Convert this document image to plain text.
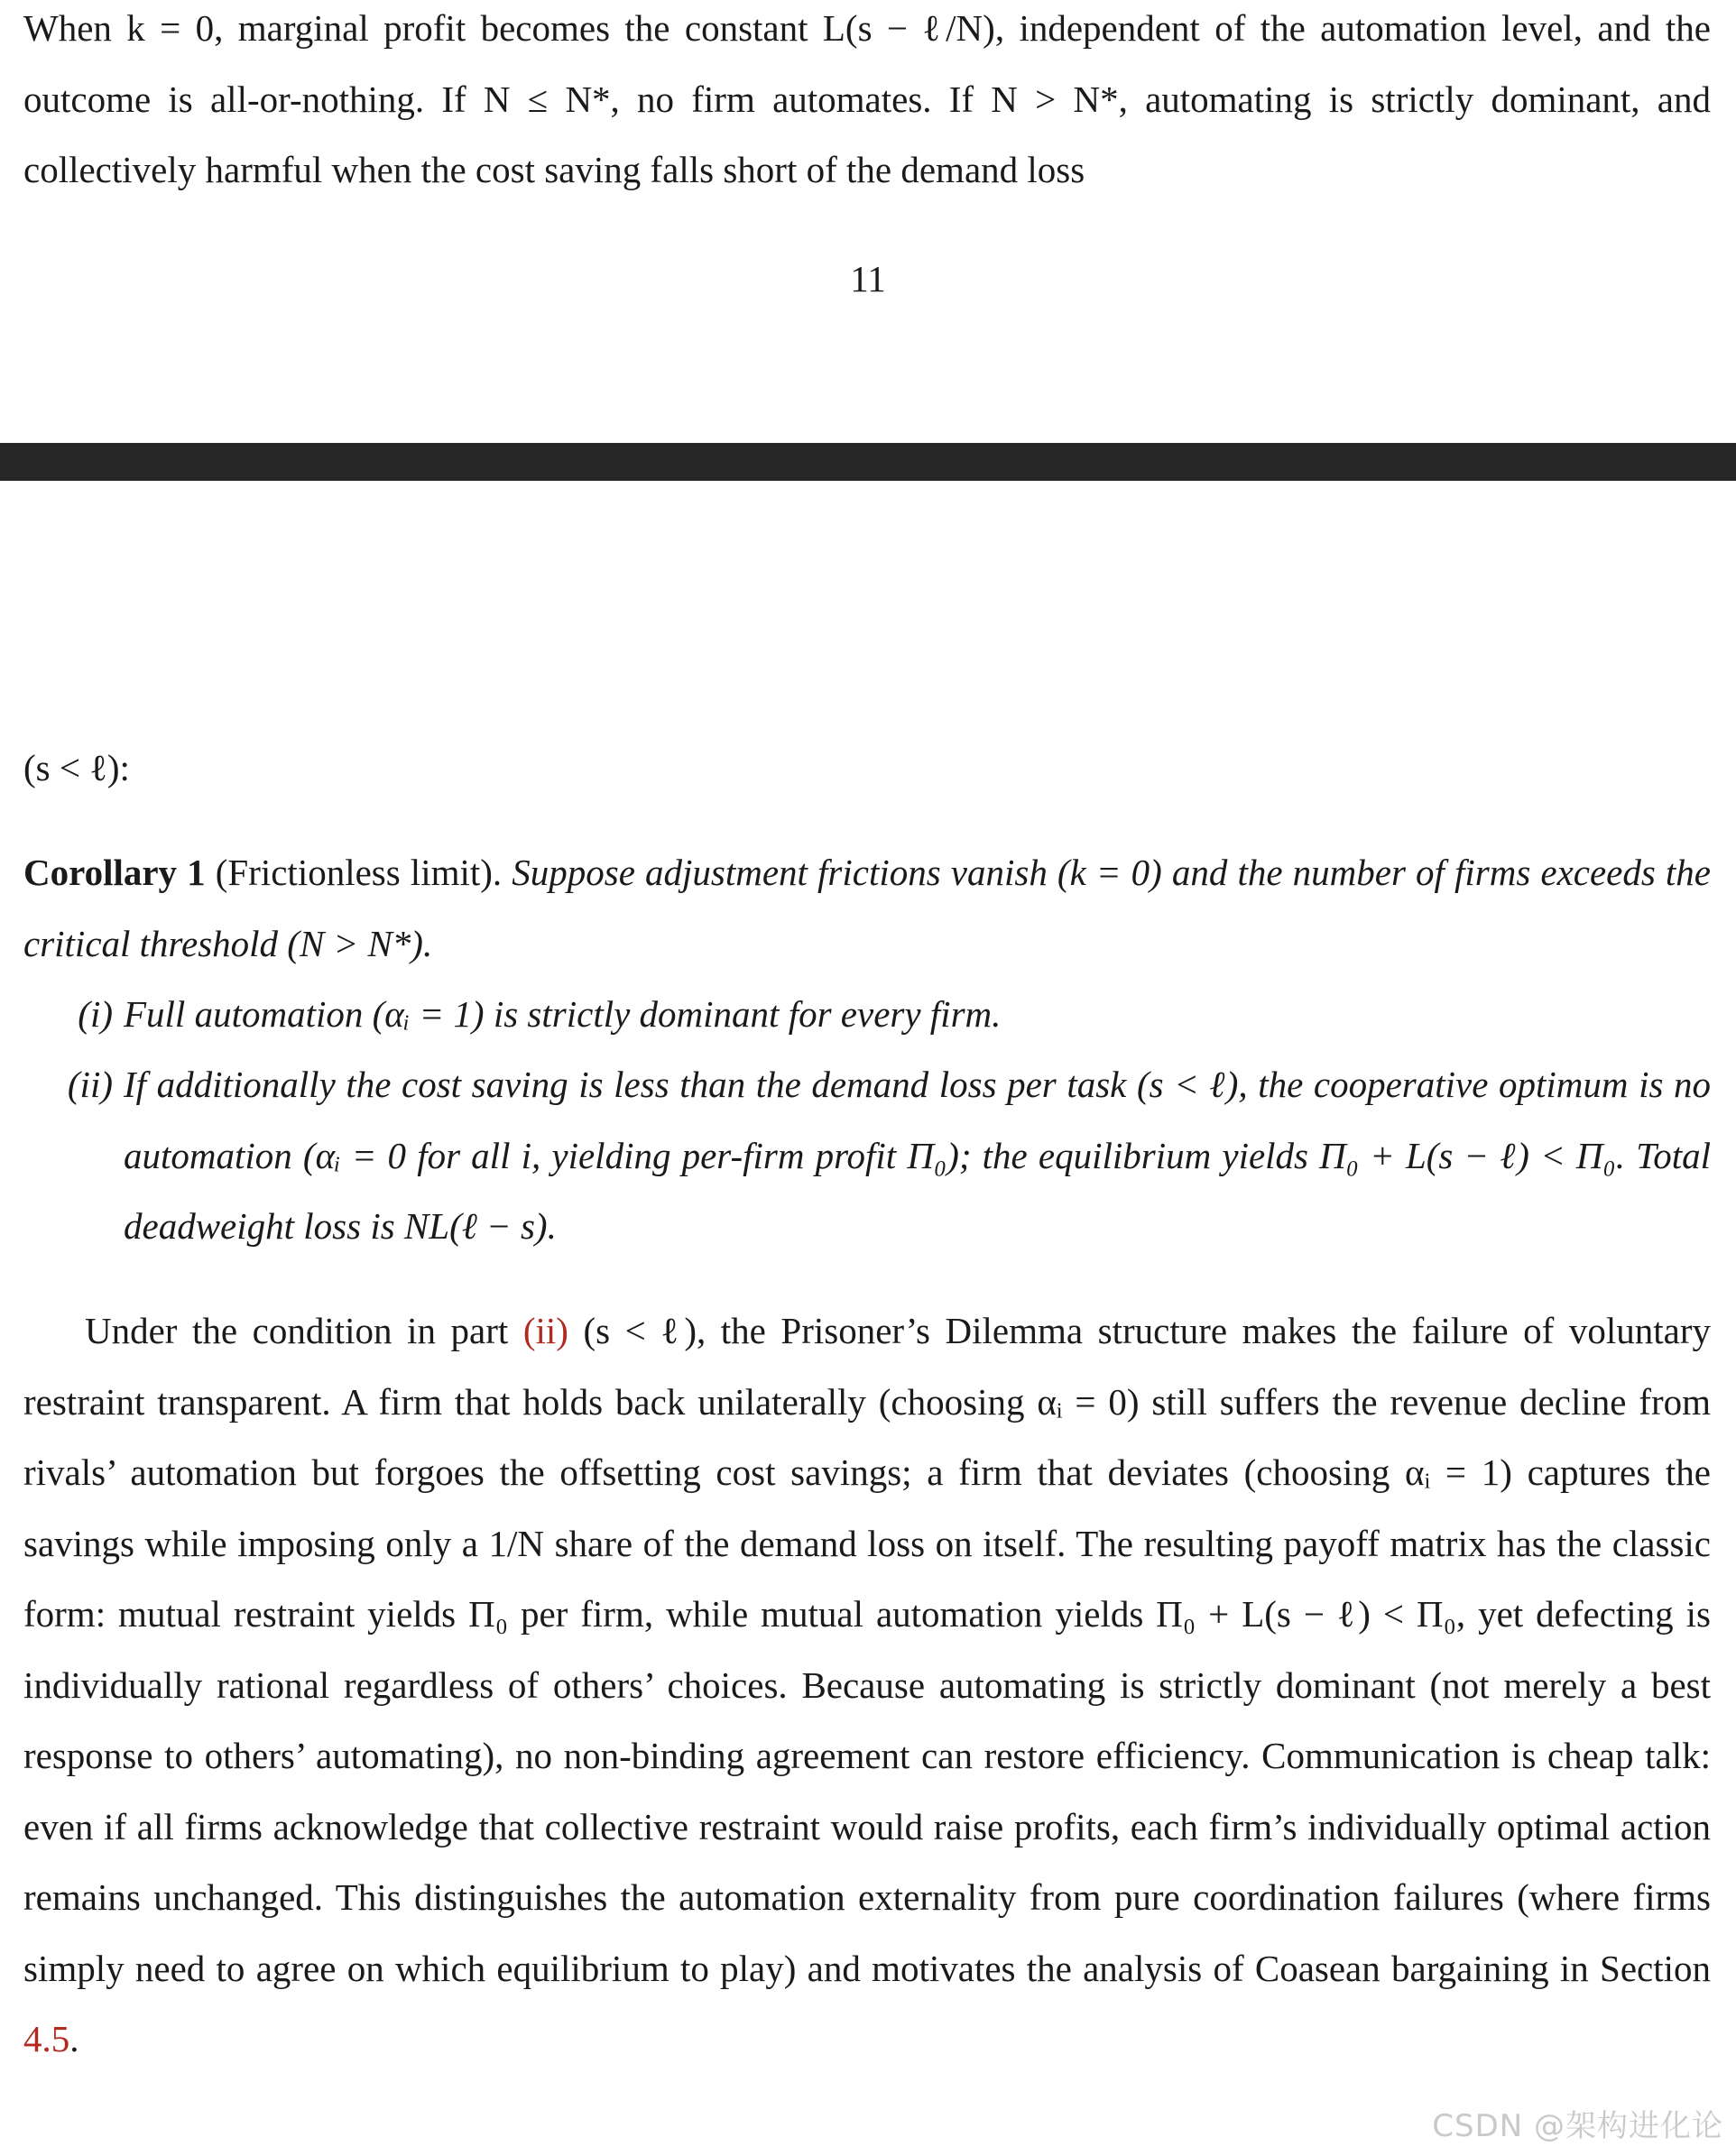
When k = 0, marginal profit becomes the constant L(s − ℓ/N), independent of the automation level, and the outcome is all-or-nothing. If N ≤ N*, no firm automates. If N > N*, automating is strictly dominant, and collectively harmful when the cost saving falls short of the demand loss

11

(s < ℓ):

Corollary 1 (Frictionless limit). Suppose adjustment frictions vanish (k = 0) and the number of firms exceeds the critical threshold (N > N*).

(i) Full automation (αᵢ = 1) is strictly dominant for every firm.
(ii) If additionally the cost saving is less than the demand loss per task (s < ℓ), the cooperative optimum is no automation (αᵢ = 0 for all i, yielding per-firm profit Π₀); the equilibrium yields Π₀ + L(s − ℓ) < Π₀. Total deadweight loss is NL(ℓ − s).

Under the condition in part (ii) (s < ℓ), the Prisoner’s Dilemma structure makes the failure of voluntary restraint transparent. A firm that holds back unilaterally (choosing αᵢ = 0) still suffers the revenue decline from rivals’ automation but forgoes the offsetting cost savings; a firm that deviates (choosing αᵢ = 1) captures the savings while imposing only a 1/N share of the demand loss on itself. The resulting payoff matrix has the classic form: mutual restraint yields Π₀ per firm, while mutual automation yields Π₀ + L(s − ℓ) < Π₀, yet defecting is individually rational regardless of others’ choices. Because automating is strictly dominant (not merely a best response to others’ automating), no non-binding agreement can restore efficiency. Communication is cheap talk: even if all firms acknowledge that collective restraint would raise profits, each firm’s individually optimal action remains unchanged. This distinguishes the automation externality from pure coordination failures (where firms simply need to agree on which equilibrium to play) and motivates the analysis of Coasean bargaining in Section 4.5.

CSDN @架构进化论
